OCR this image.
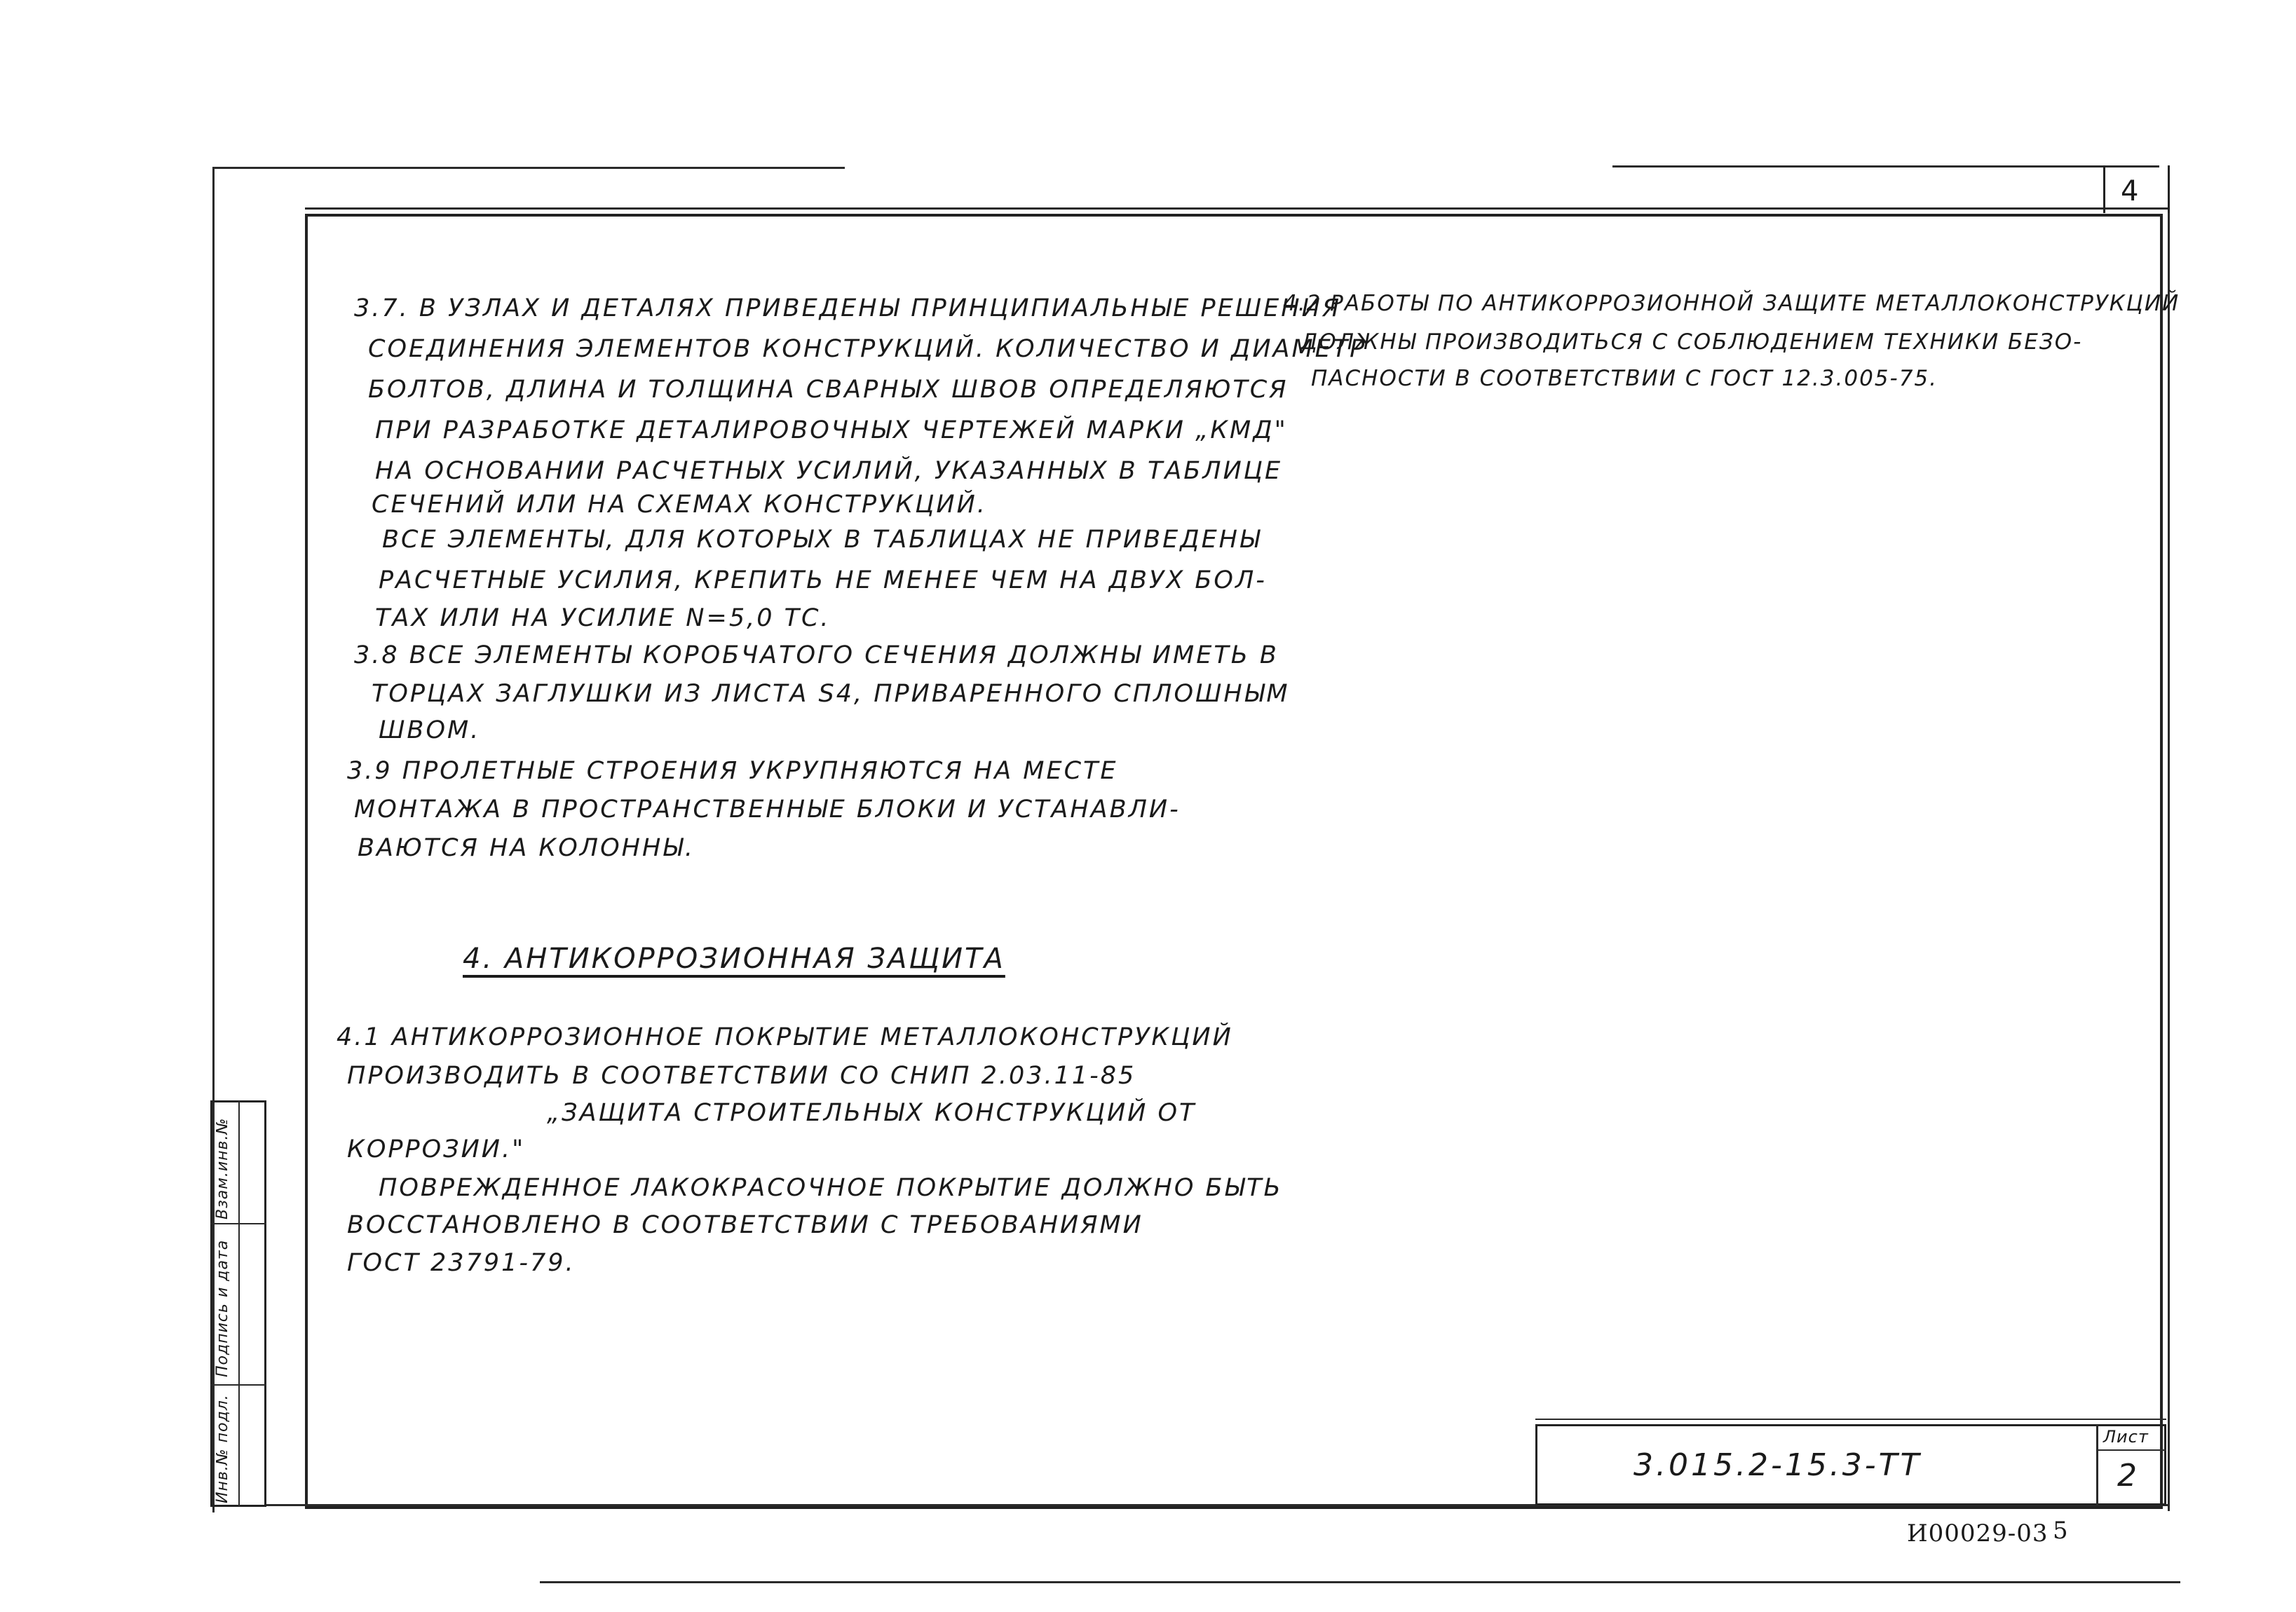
4
Инв.№ подл.
Подпись и дата
Взам.инв.№
3.7. В УЗЛАХ И ДЕТАЛЯХ ПРИВЕДЕНЫ ПРИНЦИПИАЛЬНЫЕ РЕШЕНИЯ
СОЕДИНЕНИЯ ЭЛЕМЕНТОВ КОНСТРУКЦИЙ. КОЛИЧЕСТВО И ДИАМЕТР
БОЛТОВ, ДЛИНА И ТОЛЩИНА СВАРНЫХ ШВОВ ОПРЕДЕЛЯЮТСЯ
ПРИ РАЗРАБОТКЕ ДЕТАЛИРОВОЧНЫХ ЧЕРТЕЖЕЙ МАРКИ „КМД"
НА ОСНОВАНИИ РАСЧЕТНЫХ УСИЛИЙ, УКАЗАННЫХ В ТАБЛИЦЕ
СЕЧЕНИЙ ИЛИ НА СХЕМАХ КОНСТРУКЦИЙ.
ВСЕ ЭЛЕМЕНТЫ, ДЛЯ КОТОРЫХ В ТАБЛИЦАХ НЕ ПРИВЕДЕНЫ
РАСЧЕТНЫЕ УСИЛИЯ, КРЕПИТЬ НЕ МЕНЕЕ ЧЕМ НА ДВУХ БОЛ-
ТАХ ИЛИ НА УСИЛИЕ N=5,0 ТС.
3.8 ВСЕ ЭЛЕМЕНТЫ КОРОБЧАТОГО СЕЧЕНИЯ ДОЛЖНЫ ИМЕТЬ В
ТОРЦАХ ЗАГЛУШКИ ИЗ ЛИСТА S4, ПРИВАРЕННОГО СПЛОШНЫМ
ШВОМ.
3.9 ПРОЛЕТНЫЕ СТРОЕНИЯ УКРУПНЯЮТСЯ НА МЕСТЕ
МОНТАЖА В ПРОСТРАНСТВЕННЫЕ БЛОКИ И УСТАНАВЛИ-
ВАЮТСЯ НА КОЛОННЫ.
4. АНТИКОРРОЗИОННАЯ ЗАЩИТА
4.1 АНТИКОРРОЗИОННОЕ ПОКРЫТИЕ МЕТАЛЛОКОНСТРУКЦИЙ
ПРОИЗВОДИТЬ В СООТВЕТСТВИИ СО СНИП 2.03.11-85
„ЗАЩИТА СТРОИТЕЛЬНЫХ КОНСТРУКЦИЙ ОТ
КОРРОЗИИ."
ПОВРЕЖДЕННОЕ ЛАКОКРАСОЧНОЕ ПОКРЫТИЕ ДОЛЖНО БЫТЬ
ВОССТАНОВЛЕНО В СООТВЕТСТВИИ С ТРЕБОВАНИЯМИ
ГОСТ 23791-79.
4.2 РАБОТЫ ПО АНТИКОРРОЗИОННОЙ ЗАЩИТЕ МЕТАЛЛОКОНСТРУКЦИЙ
ДОЛЖНЫ ПРОИЗВОДИТЬСЯ С СОБЛЮДЕНИЕМ ТЕХНИКИ БЕЗО-
ПАСНОСТИ В СООТВЕТСТВИИ С ГОСТ 12.3.005-75.
3.015.2-15.3-ТТ
Лист
2
И00029-03 5
